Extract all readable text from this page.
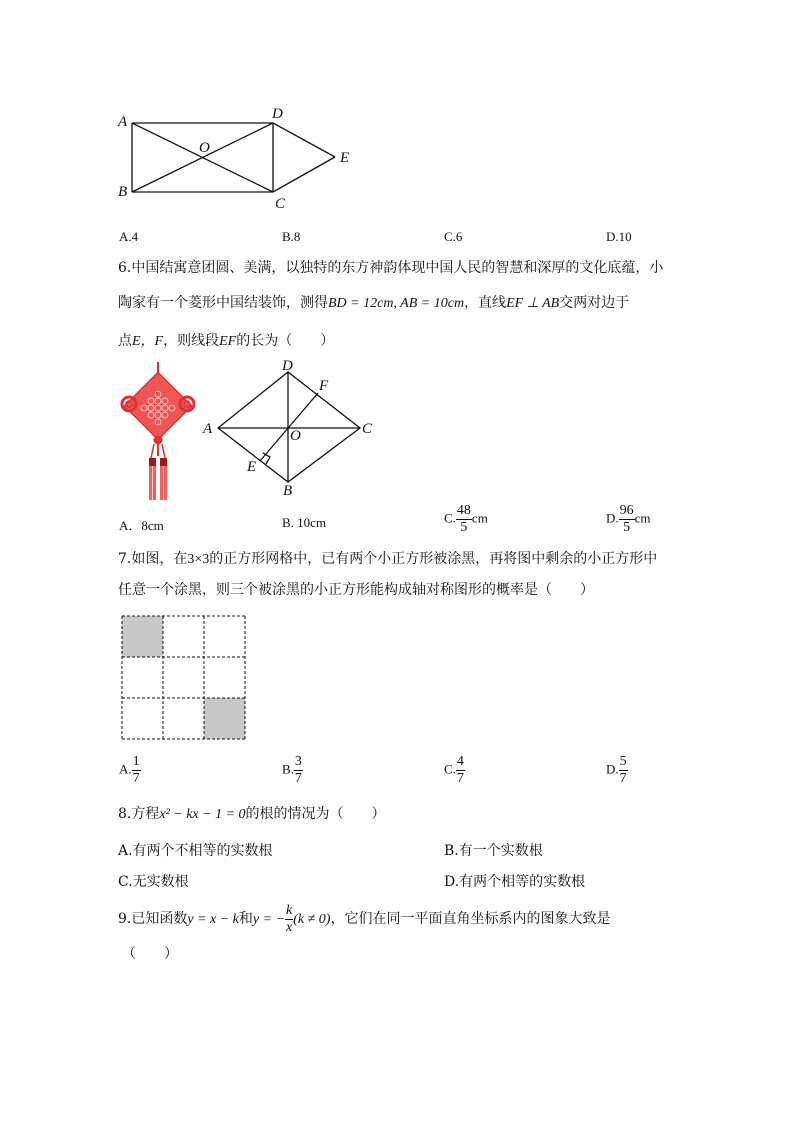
A
B
C
D
E
O
A.4	B.8	C.6	D.10
6.中国结寓意团圆、美满，以独特的东方神韵体现中国人民的智慧和深厚的文化底蕴，小
陶家有一个菱形中国结装饰，测得BD = 12cm, AB = 10cm，直线EF ⊥ AB交两对边于
点E，F，则线段EF的长为（　　）
A
B
C
D
E
F
O
A．8cm	B. 10cm	C. $\frac{48}{5}$ cm	D. $\frac{96}{5}$ cm
7.如图，在3×3的正方形网格中，已有两个小正方形被涂黑，再将图中剩余的小正方形中
任意一个涂黑，则三个被涂黑的小正方形能构成轴对称图形的概率是（　　）
A. $\frac{1}{7}$	B. $\frac{3}{7}$	C. $\frac{4}{7}$	D. $\frac{5}{7}$
8.方程x² − kx − 1 = 0的根的情况为（　　）
A.有两个不相等的实数根	B.有一个实数根
C.无实数根	D.有两个相等的实数根
9.已知函数y = x − k和y = − $\frac{k}{x} (k \ne 0)$，它们在同一平面直角坐标系内的图象大致是
（　　）
